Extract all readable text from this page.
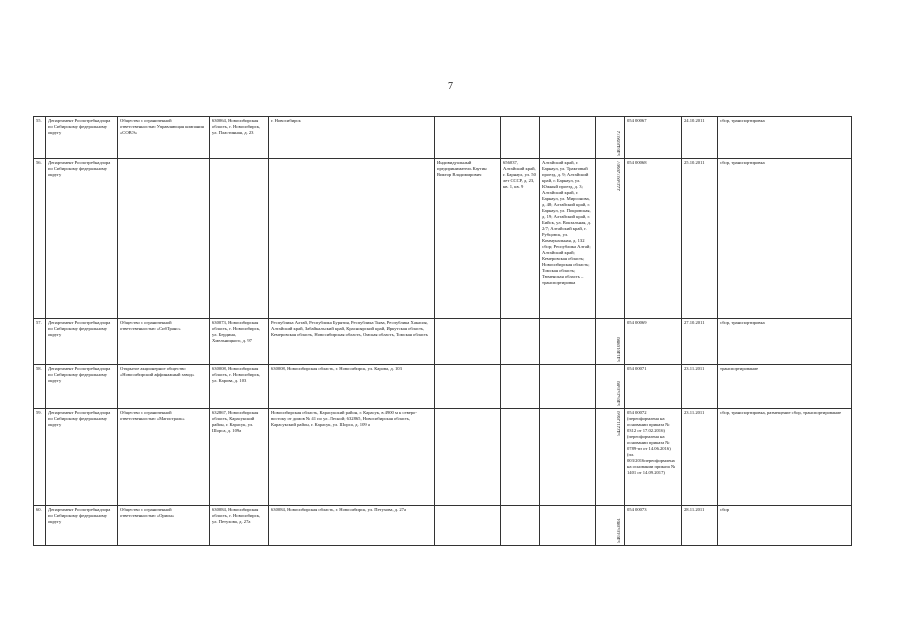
7
55.	Департамент Роспотребнадзора по Сибирскому федеральному округу	Общество с ограниченной ответственностью Управляющая компания «СОВЭ»	630064, Новосибирская область, г. Новосибирск, ул. Пластинная, д. 23	г. Новосибирск				5404209072	054 00067	24.10.2011	сбор, транспортировка
56.	Департамент Роспотребнадзора по Сибирскому федеральному округу				Индивидуальный предприниматель Каутин Виктор Владимирович	656037, Алтайский край, г. Барнаул, ул. 50 лет СССР, д. 23, кв. 1, кв. 9	Алтайский край, г. Барнаул, ул. Трактовый проезд, д. 9; Алтайский край, г. Барнаул, ул. Южный проезд, д. 3; Алтайский край, г. Барнаул, ул. Мирсонова, д. 48; Алтайский край, г. Барнаул, ул. Покровская, д. 19; Алтайский край, г. Бийск, ул. Вокзальная, д. 2/7; Алтайский край, г. Рубцовск, ул. Коммунальная, д. 132 сбор; Республика Алтай; Алтайский край; Кемеровская область; Новосибирская область; Томская область; Тюменская область – транспортировка	222500720607	054 00068	25.10.2011	сбор, транспортировка
57.	Департамент Роспотребнадзора по Сибирскому федеральному округу	Общество с ограниченной ответственностью «СибТранс»	630073, Новосибирская область, г. Новосибирск, ул. Бердина, Хмельницкого, д. 97	Республика Алтай, Республика Бурятия, Республика Тыва, Республика Хакасия, Алтайский край, Забайкальский край, Красноярский край, Иркутская область, Кемеровская область, Новосибирская область, Омская область, Томская область				5414010880	054 00069	27.10.2011	сбор, транспортировка
58.	Департамент Роспотребнадзора по Сибирскому федеральному округу	Открытое акционерное общество «Новосибирский аффинажный завод»	630008, Новосибирская область, г. Новосибирск, ул. Карова, д. 103	630008, Новосибирская область, г. Новосибирск, ул. Карова, д. 103				5405253580	054 00071	23.11.2011	транспортирование
59.	Департамент Роспотребнадзора по Сибирскому федеральному округу	Общество с ограниченной ответственностью «Магистраль»	632867, Новосибирская область, Карасукский район, г. Карасук, ул. Шорса, д. 109а	Новосибирская область, Карасукский район, г. Карасук, в 4900 м к северо-востоку от домов № 41 по ул. Лесной; 632865, Новосибирская область, Карасукский район, г. Карасук, ул. Шорса, д. 109 а				5422112650	054 00072 (переоформлена на основании приказа № 0312 от 17.02.2016) (переоформлена на основании приказа № 0789-пз от 14.06.2016) (пл. 003/2016переоформлена на основании приказа № 1401 от 14.09.2017)	23.11.2011	сбор, транспортировка, размещение сбор, транспортирование
60.	Департамент Роспотребнадзора по Сибирскому федеральному округу	Общество с ограниченной ответственностью «Орион»	630084, Новосибирская область, г. Новосибирск, ул. Петухова, д. 27а	630084, Новосибирская область, г. Новосибирск, ул. Петухова, д. 27а				5403353861	054 00073	28.11.2011	сбор
